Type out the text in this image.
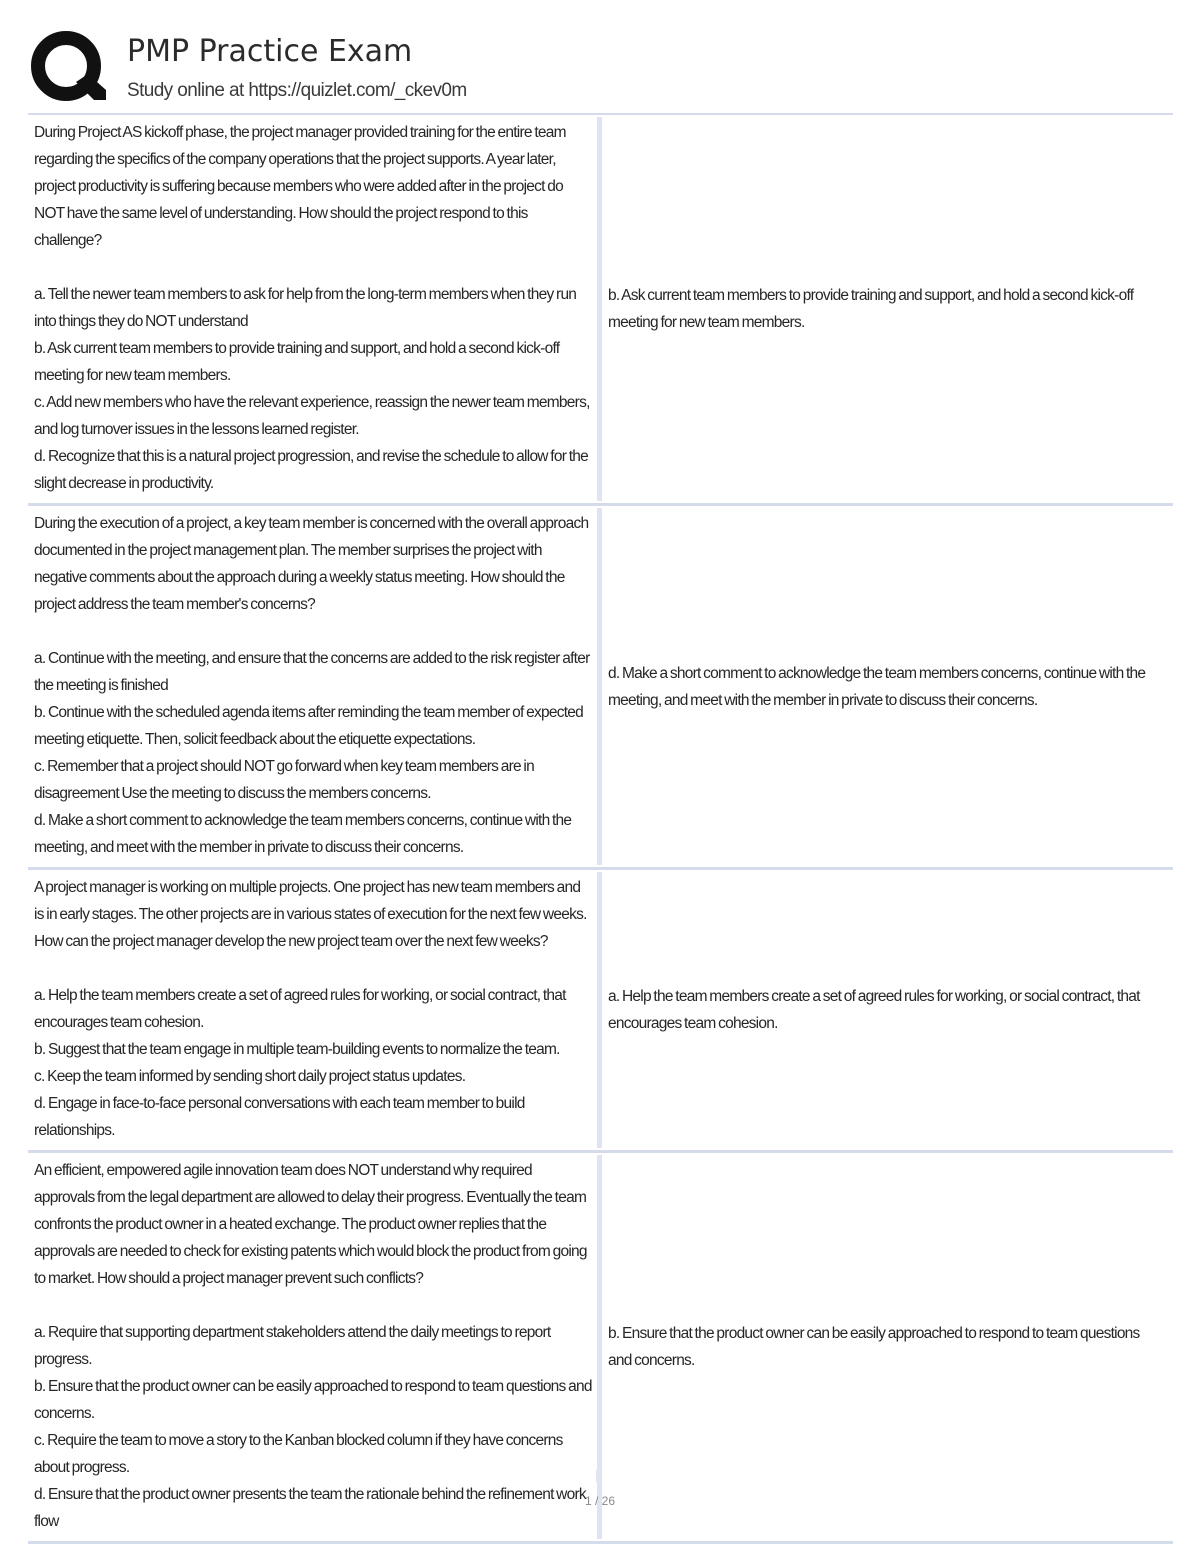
PMP Practice Exam
Study online at https://quizlet.com/_ckev0m
During Project AS kickoff phase, the project manager provided training for the entire team regarding the specifics of the company operations that the project supports. A year later, project productivity is suffering because members who were added after in the project do NOT have the same level of understanding. How should the project respond to this challenge?

a. Tell the newer team members to ask for help from the long-term members when they run into things they do NOT understand
b. Ask current team members to provide training and support, and hold a second kick-off meeting for new team members.
c. Add new members who have the relevant experience, reassign the newer team members, and log turnover issues in the lessons learned register.
d. Recognize that this is a natural project progression, and revise the schedule to allow for the slight decrease in productivity.
b. Ask current team members to provide training and support, and hold a second kick-off meeting for new team members.
During the execution of a project, a key team member is concerned with the overall approach documented in the project management plan. The member surprises the project with negative comments about the approach during a weekly status meeting. How should the project address the team member's concerns?

a. Continue with the meeting, and ensure that the concerns are added to the risk register after the meeting is finished
b. Continue with the scheduled agenda items after reminding the team member of expected meeting etiquette. Then, solicit feedback about the etiquette expectations.
c. Remember that a project should NOT go forward when key team members are in disagreement Use the meeting to discuss the members concerns.
d. Make a short comment to acknowledge the team members concerns, continue with the meeting, and meet with the member in private to discuss their concerns.
d. Make a short comment to acknowledge the team members concerns, continue with the meeting, and meet with the member in private to discuss their concerns.
A project manager is working on multiple projects. One project has new team members and is in early stages. The other projects are in various states of execution for the next few weeks. How can the project manager develop the new project team over the next few weeks?

a. Help the team members create a set of agreed rules for working, or social contract, that encourages team cohesion.
b. Suggest that the team engage in multiple team-building events to normalize the team.
c. Keep the team informed by sending short daily project status updates.
d. Engage in face-to-face personal conversations with each team member to build relationships.
a. Help the team members create a set of agreed rules for working, or social contract, that encourages team cohesion.
An efficient, empowered agile innovation team does NOT understand why required approvals from the legal department are allowed to delay their progress. Eventually the team confronts the product owner in a heated exchange. The product owner replies that the approvals are needed to check for existing patents which would block the product from going to market. How should a project manager prevent such conflicts?

a. Require that supporting department stakeholders attend the daily meetings to report progress.
b. Ensure that the product owner can be easily approached to respond to team questions and concerns.
c. Require the team to move a story to the Kanban blocked column if they have concerns about progress.
d. Ensure that the product owner presents the team the rationale behind the refinement work flow
b. Ensure that the product owner can be easily approached to respond to team questions and concerns.
1 / 26
